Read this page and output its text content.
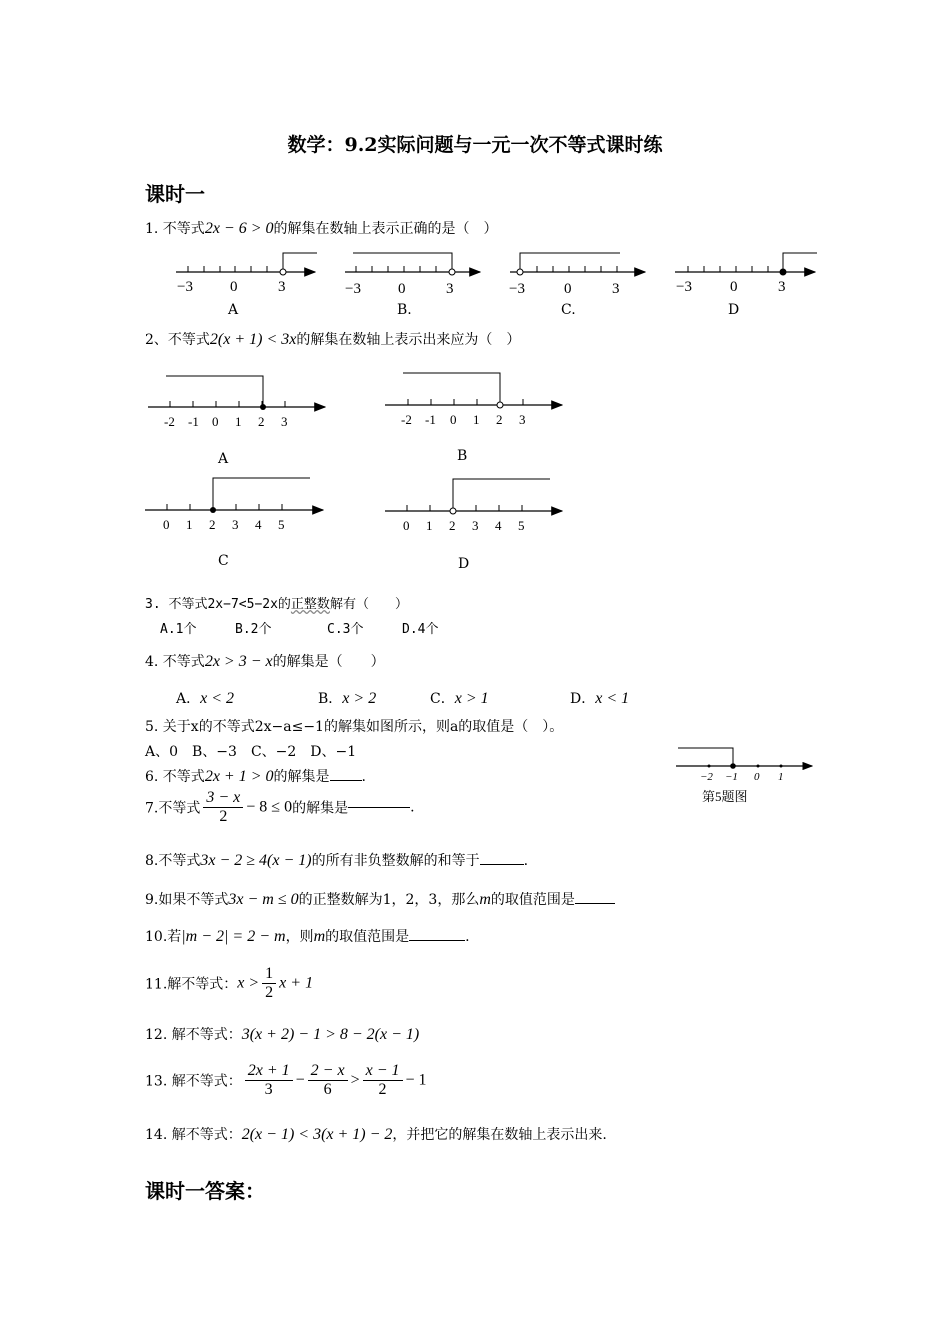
数学：9.2实际问题与一元一次不等式课时练
课时一
1. 不等式2x − 6 > 0的解集在数轴上表示正确的是（　）
−3 0	3	−3 0	3	−3	0	3	−3	0	3
A	B.	C.	D
2、不等式2(x + 1) < 3x的解集在数轴上表示出来应为（　）
-2 -1 0 1 2 3	-2 -1 0 1 2 3
0 1 2 3 4 5	0 1 2 3 4 5
A	B
C	D
3. 不等式2x−7<5−2x的正整数解有（　　）
A.1个	B.2个	C.3个	D.4个
4. 不等式2x > 3 − x的解集是（　　）
A．x < 2	B．x > 2	C．x > 1	D．x < 1
5. 关于x的不等式2x−a≤−1的解集如图所示，则a的取值是（　）。
A、0　B、−3　C、−2　D、−1
−2 −1 0 1
第5题图
6. 不等式2x + 1 > 0的解集是 .
7.不等式 $\frac{3 - x}{2} - 8 \le 0$的解集是	.
8.不等式3x − 2 ≥ 4(x − 1)的所有非负整数解的和等于	.
9.如果不等式3x − m ≤ 0的正整数解为1，2，3，那么m的取值范围是
10.若|m − 2| = 2 − m，则m的取值范围是	.
11.解不等式：$x > \frac{1}{2}$ x + 1
12. 解不等式：3(x + 2) − 1 > 8 − 2(x − 1)
13. 解不等式： $\frac{2x + 1}{3} - \frac{2 - x}{6} > \frac{x - 1}{2} - 1$
14. 解不等式：2(x − 1) < 3(x + 1) − 2，并把它的解集在数轴上表示出来.
课时一答案：
